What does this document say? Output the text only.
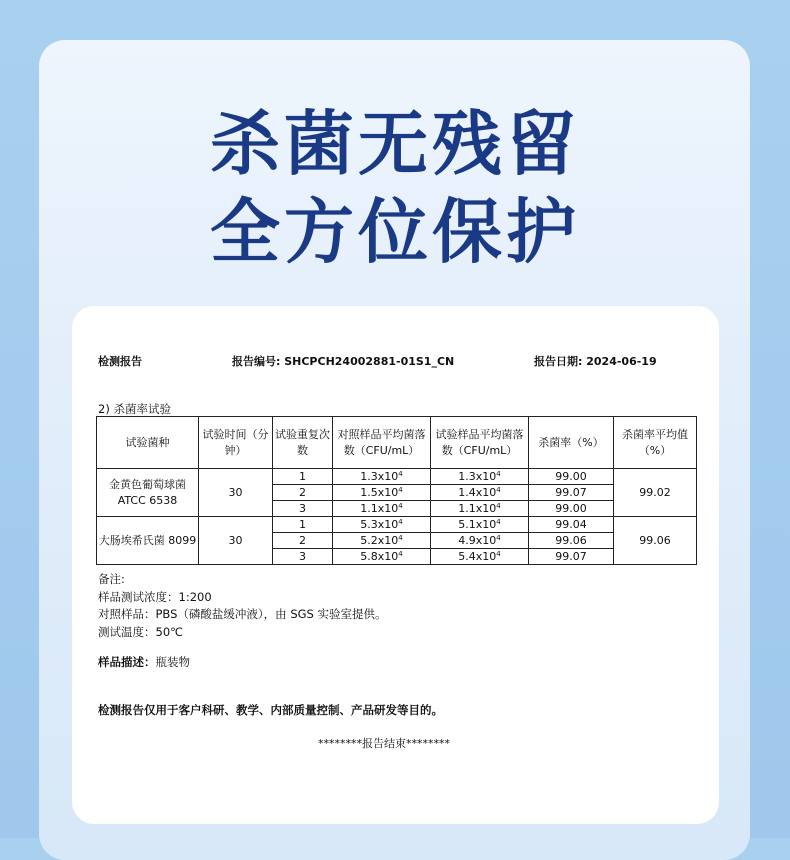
杀菌无残留
全方位保护
检测报告	报告编号: SHCPCH24002881-01S1_CN	报告日期: 2024-06-19
2) 杀菌率试验
试验菌种	试验时间（分钟）	试验重复次数	对照样品平均菌落数（CFU/mL）	试验样品平均菌落数（CFU/mL）	杀菌率（%）	杀菌率平均值（%）
金黄色葡萄球菌 ATCC 6538	30	1	$1.3x10^4$	$1.3x10^4$	99.00	99.02
		2	$1.5x10^4$	$1.4x10^4$	99.07	
		3	$1.1x10^4$	$1.1x10^4$	99.00	
大肠埃希氏菌 8099	30	1	$5.3x10^4$	$5.1x10^4$	99.04	99.06
		2	$5.2x10^4$	$4.9x10^4$	99.06	
		3	$5.8x10^4$	$5.4x10^4$	99.07	
备注:
样品测试浓度：1:200
对照样品：PBS（磷酸盐缓冲液），由 SGS 实验室提供。
测试温度：50℃
样品描述：瓶装物
检测报告仅用于客户科研、教学、内部质量控制、产品研发等目的。
********报告结束********
